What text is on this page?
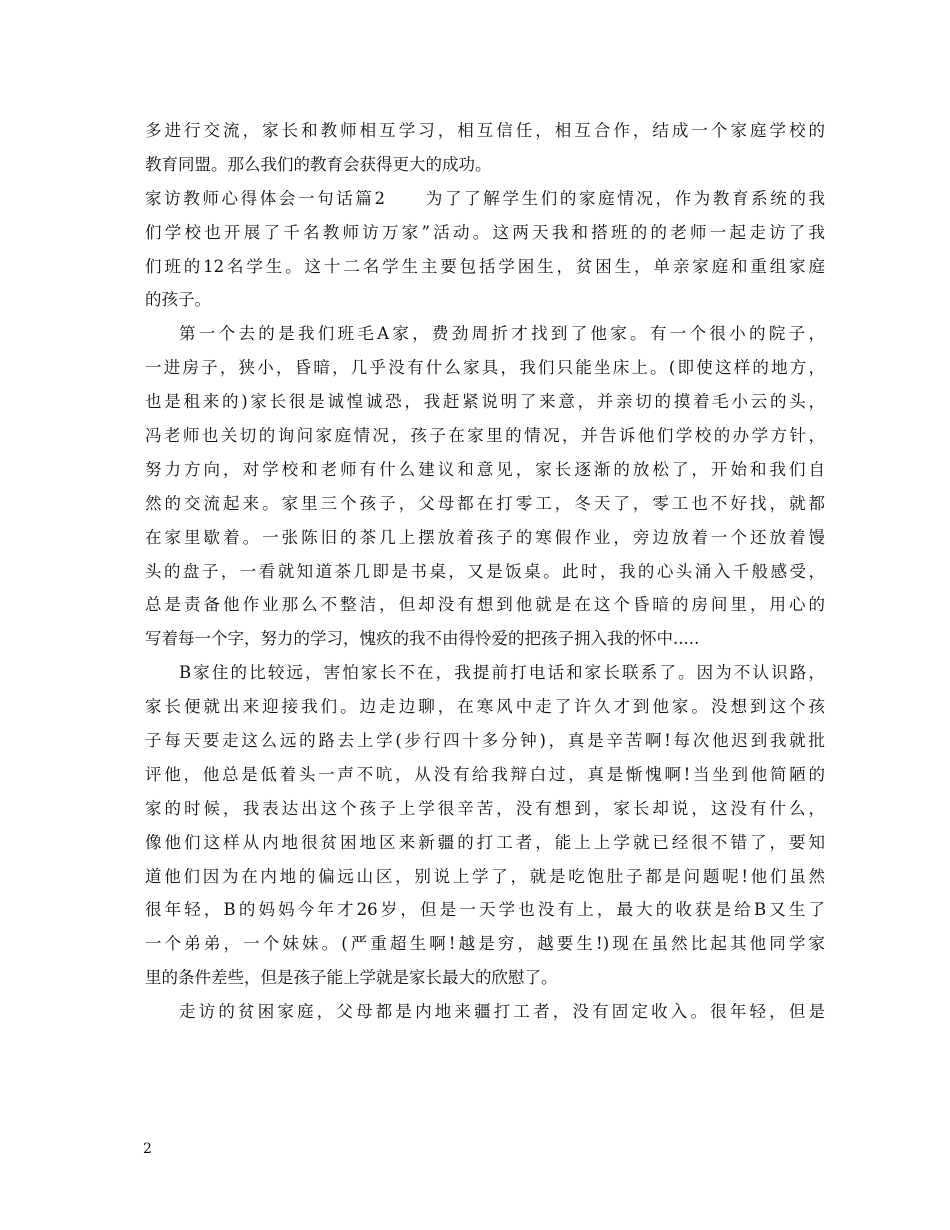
多进行交流，家长和教师相互学习，相互信任，相互合作，结成一个家庭学校的
教育同盟。那么我们的教育会获得更大的成功。
家访教师心得体会一句话篇2　　为了了解学生们的家庭情况，作为教育系统的我
们学校也开展了千名教师访万家”活动。这两天我和搭班的的老师一起走访了我
们班的12名学生。这十二名学生主要包括学困生，贫困生，单亲家庭和重组家庭
的孩子。
第一个去的是我们班毛A家，费劲周折才找到了他家。有一个很小的院子，
一进房子，狭小，昏暗，几乎没有什么家具，我们只能坐床上。(即使这样的地方，
也是租来的)家长很是诚惶诚恐，我赶紧说明了来意，并亲切的摸着毛小云的头，
冯老师也关切的询问家庭情况，孩子在家里的情况，并告诉他们学校的办学方针，
努力方向，对学校和老师有什么建议和意见，家长逐渐的放松了，开始和我们自
然的交流起来。家里三个孩子，父母都在打零工，冬天了，零工也不好找，就都
在家里歇着。一张陈旧的茶几上摆放着孩子的寒假作业，旁边放着一个还放着馒
头的盘子，一看就知道茶几即是书桌，又是饭桌。此时，我的心头涌入千般感受，
总是责备他作业那么不整洁，但却没有想到他就是在这个昏暗的房间里，用心的
写着每一个字，努力的学习，愧疚的我不由得怜爱的把孩子拥入我的怀中.....
B家住的比较远，害怕家长不在，我提前打电话和家长联系了。因为不认识路，
家长便就出来迎接我们。边走边聊，在寒风中走了许久才到他家。没想到这个孩
子每天要走这么远的路去上学(步行四十多分钟)，真是辛苦啊!每次他迟到我就批
评他，他总是低着头一声不吭，从没有给我辩白过，真是惭愧啊!当坐到他简陋的
家的时候，我表达出这个孩子上学很辛苦，没有想到，家长却说，这没有什么，
像他们这样从内地很贫困地区来新疆的打工者，能上上学就已经很不错了，要知
道他们因为在内地的偏远山区，别说上学了，就是吃饱肚子都是问题呢!他们虽然
很年轻，B的妈妈今年才26岁，但是一天学也没有上，最大的收获是给B又生了
一个弟弟，一个妹妹。(严重超生啊!越是穷，越要生!)现在虽然比起其他同学家
里的条件差些，但是孩子能上学就是家长最大的欣慰了。
走访的贫困家庭，父母都是内地来疆打工者，没有固定收入。很年轻，但是
2
